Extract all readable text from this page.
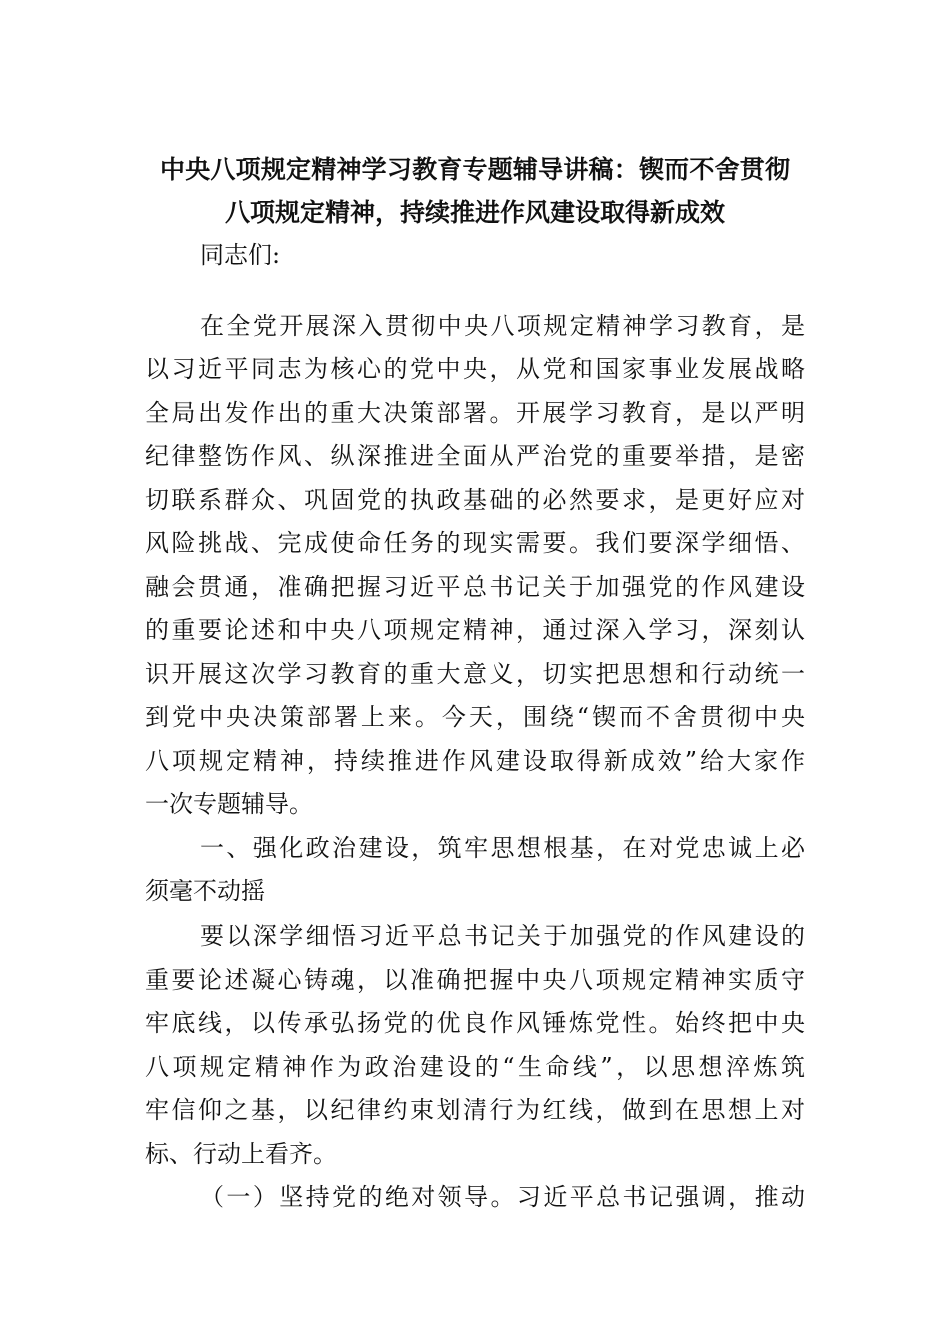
中央八项规定精神学习教育专题辅导讲稿：锲而不舍贯彻
八项规定精神，持续推进作风建设取得新成效
同志们:
在全党开展深入贯彻中央八项规定精神学习教育，是
以习近平同志为核心的党中央，从党和国家事业发展战略
全局出发作出的重大决策部署。开展学习教育，是以严明
纪律整饬作风、纵深推进全面从严治党的重要举措，是密
切联系群众、巩固党的执政基础的必然要求，是更好应对
风险挑战、完成使命任务的现实需要。我们要深学细悟、
融会贯通，准确把握习近平总书记关于加强党的作风建设
的重要论述和中央八项规定精神，通过深入学习，深刻认
识开展这次学习教育的重大意义，切实把思想和行动统一
到党中央决策部署上来。今天，围绕“锲而不舍贯彻中央
八项规定精神，持续推进作风建设取得新成效”给大家作
一次专题辅导。
一、强化政治建设，筑牢思想根基，在对党忠诚上必
须毫不动摇
要以深学细悟习近平总书记关于加强党的作风建设的
重要论述凝心铸魂，以准确把握中央八项规定精神实质守
牢底线，以传承弘扬党的优良作风锤炼党性。始终把中央
八项规定精神作为政治建设的“生命线”，以思想淬炼筑
牢信仰之基，以纪律约束划清行为红线，做到在思想上对
标、行动上看齐。
（一）坚持党的绝对领导。习近平总书记强调，推动
